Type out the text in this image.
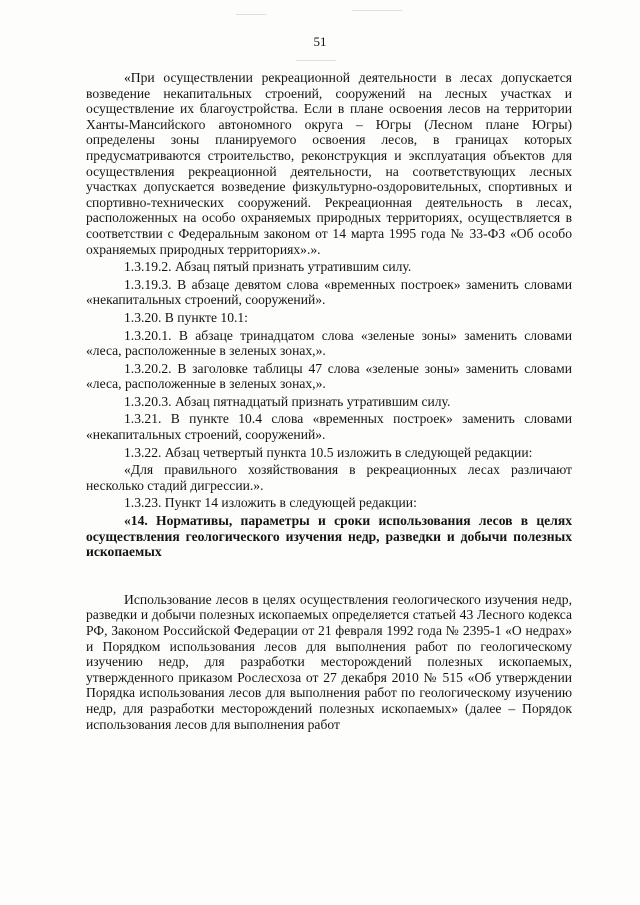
51

«При осуществлении рекреационной деятельности в лесах допускается возведение некапитальных строений, сооружений на лесных участках и осуществление их благоустройства. Если в плане освоения лесов на территории Ханты-Мансийского автономного округа – Югры (Лесном плане Югры) определены зоны планируемого освоения лесов, в границах которых предусматриваются строительство, реконструкция и эксплуатация объектов для осуществления рекреационной деятельности, на соответствующих лесных участках допускается возведение физкультурно-оздоровительных, спортивных и спортивно-технических сооружений. Рекреационная деятельность в лесах, расположенных на особо охраняемых природных территориях, осуществляется в соответствии с Федеральным законом от 14 марта 1995 года № 33-ФЗ «Об особо охраняемых природных территориях».».

1.3.19.2. Абзац пятый признать утратившим силу.

1.3.19.3. В абзаце девятом слова «временных построек» заменить словами «некапитальных строений, сооружений».

1.3.20. В пункте 10.1:

1.3.20.1. В абзаце тринадцатом слова «зеленые зоны» заменить словами «леса, расположенные в зеленых зонах,».

1.3.20.2. В заголовке таблицы 47 слова «зеленые зоны» заменить словами «леса, расположенные в зеленых зонах,».

1.3.20.3. Абзац пятнадцатый признать утратившим силу.

1.3.21. В пункте 10.4 слова «временных построек» заменить словами «некапитальных строений, сооружений».

1.3.22. Абзац четвертый пункта 10.5 изложить в следующей редакции:

«Для правильного хозяйствования в рекреационных лесах различают несколько стадий дигрессии.».

1.3.23. Пункт 14 изложить в следующей редакции:

«14. Нормативы, параметры и сроки использования лесов в целях осуществления геологического изучения недр, разведки и добычи полезных ископаемых

Использование лесов в целях осуществления геологического изучения недр, разведки и добычи полезных ископаемых определяется статьей 43 Лесного кодекса РФ, Законом Российской Федерации от 21 февраля 1992 года № 2395-1 «О недрах» и Порядком использования лесов для выполнения работ по геологическому изучению недр, для разработки месторождений полезных ископаемых, утвержденного приказом Рослесхоза от 27 декабря 2010 № 515 «Об утверждении Порядка использования лесов для выполнения работ по геологическому изучению недр, для разработки месторождений полезных ископаемых» (далее – Порядок использования лесов для выполнения работ
